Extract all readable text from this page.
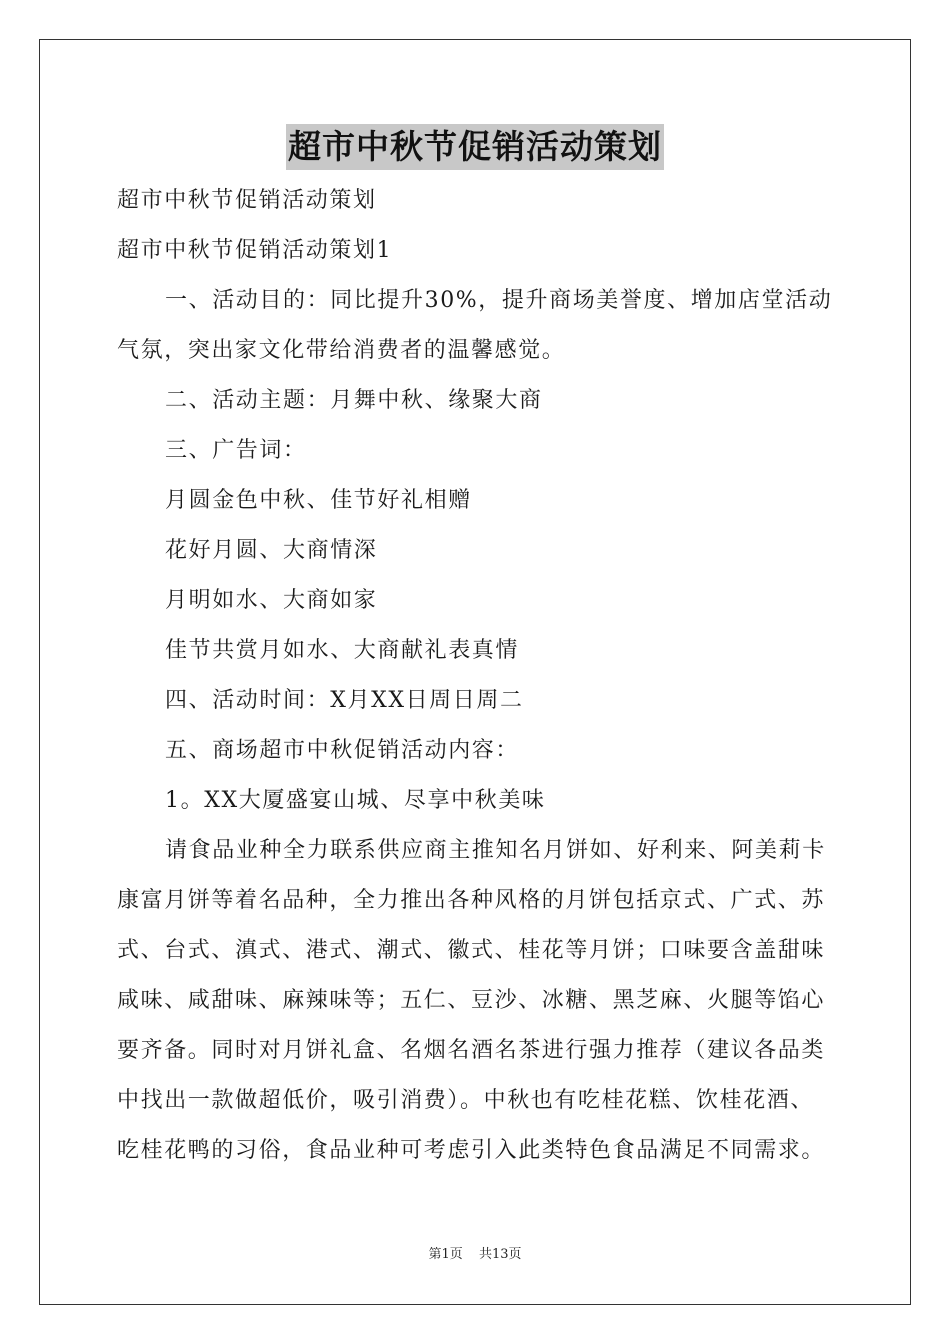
超市中秋节促销活动策划

超市中秋节促销活动策划

超市中秋节促销活动策划1

一、活动目的：同比提升30%，提升商场美誉度、增加店堂活动气氛，突出家文化带给消费者的温馨感觉。

二、活动主题：月舞中秋、缘聚大商

三、广告词：

月圆金色中秋、佳节好礼相赠

花好月圆、大商情深

月明如水、大商如家

佳节共赏月如水、大商献礼表真情

四、活动时间：X月XX日周日周二

五、商场超市中秋促销活动内容：

1。XX大厦盛宴山城、尽享中秋美味

请食品业种全力联系供应商主推知名月饼如、好利来、阿美莉卡康富月饼等着名品种，全力推出各种风格的月饼包括京式、广式、苏式、台式、滇式、港式、潮式、徽式、桂花等月饼；口味要含盖甜味咸味、咸甜味、麻辣味等；五仁、豆沙、冰糖、黑芝麻、火腿等馅心要齐备。同时对月饼礼盒、名烟名酒名茶进行强力推荐（建议各品类中找出一款做超低价，吸引消费）。中秋也有吃桂花糕、饮桂花酒、吃桂花鸭的习俗，食品业种可考虑引入此类特色食品满足不同需求。

第1页 共13页
